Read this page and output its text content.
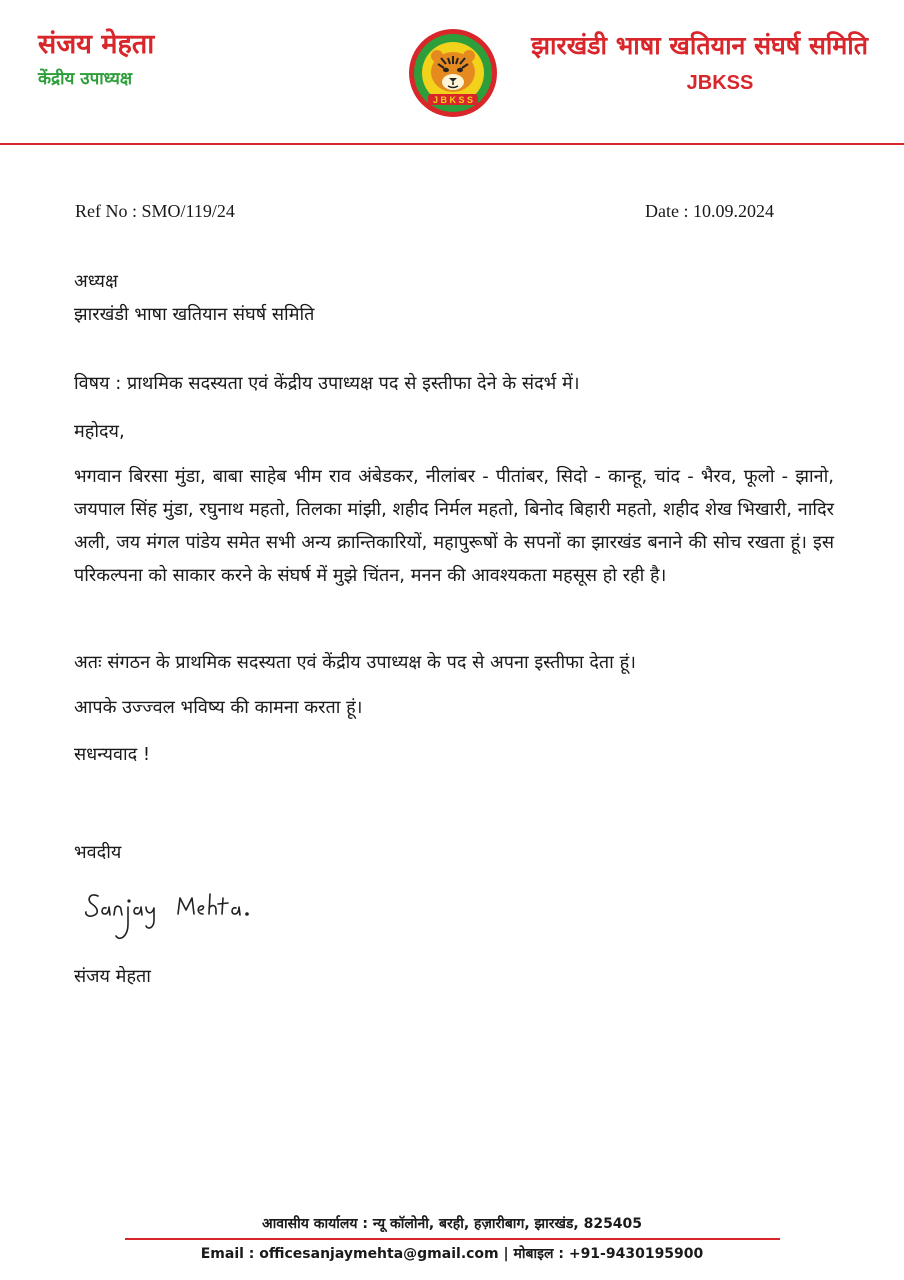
संजय मेहता
केंद्रीय उपाध्यक्ष
J B K S S
झारखंडी भाषा खतियान संघर्ष समिति
JBKSS
Ref No : SMO/119/24	Date : 10.09.2024
अध्यक्ष
झारखंडी भाषा खतियान संघर्ष समिति
विषय : प्राथमिक सदस्यता एवं केंद्रीय उपाध्यक्ष पद से इस्तीफा देने के संदर्भ में।
महोदय,
भगवान बिरसा मुंडा, बाबा साहेब भीम राव अंबेडकर, नीलांबर - पीतांबर, सिदो - कान्हू, चांद - भैरव, फूलो - झानो, जयपाल सिंह मुंडा, रघुनाथ महतो, तिलका मांझी, शहीद निर्मल महतो, बिनोद बिहारी महतो, शहीद शेख भिखारी, नादिर अली, जय मंगल पांडेय समेत सभी अन्य क्रान्तिकारियों, महापुरूषों के सपनों का झारखंड बनाने की सोच रखता हूं। इस परिकल्पना को साकार करने के संघर्ष में मुझे चिंतन, मनन की आवश्यकता महसूस हो रही है।
अतः संगठन के प्राथमिक सदस्यता एवं केंद्रीय उपाध्यक्ष के पद से अपना इस्तीफा देता हूं।
आपके उज्ज्वल भविष्य की कामना करता हूं।
सधन्यवाद !
भवदीय
संजय मेहता
आवासीय कार्यालय : न्यू कॉलोनी, बरही, हज़ारीबाग, झारखंड, 825405
Email : officesanjaymehta@gmail.com | मोबाइल : +91-9430195900
